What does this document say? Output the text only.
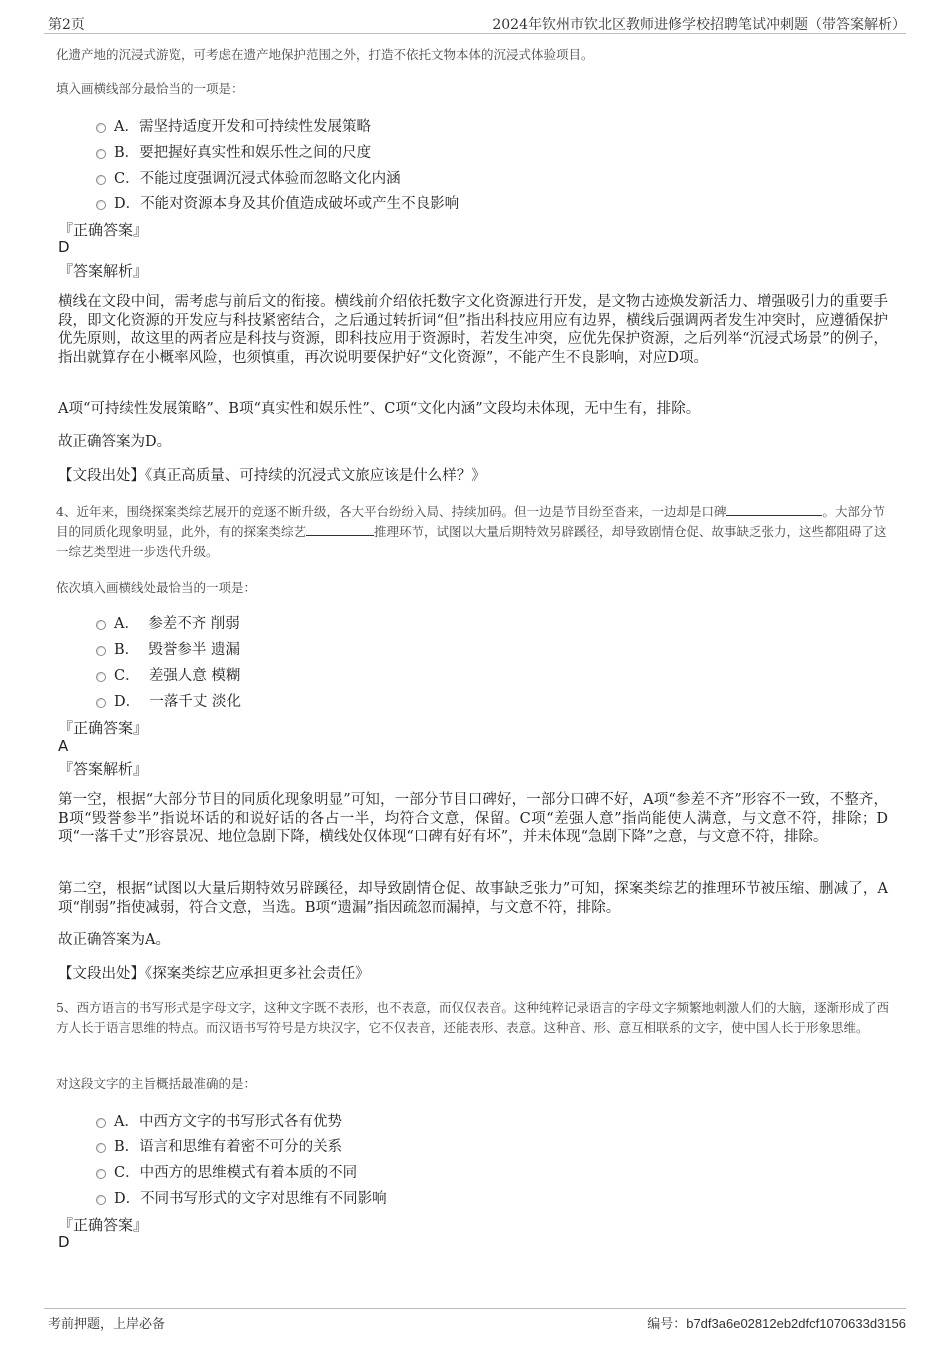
第2页	2024年钦州市钦北区教师进修学校招聘笔试冲刺题（带答案解析）
化遗产地的沉浸式游览，可考虑在遗产地保护范围之外，打造不依托文物本体的沉浸式体验项目。
填入画横线部分最恰当的一项是：
A．需坚持适度开发和可持续性发展策略
B．要把握好真实性和娱乐性之间的尺度
C．不能过度强调沉浸式体验而忽略文化内涵
D．不能对资源本身及其价值造成破坏或产生不良影响
『正确答案』
D
『答案解析』
横线在文段中间，需考虑与前后文的衔接。横线前介绍依托数字文化资源进行开发，是文物古迹焕发新活力、增强吸引力的重要手段，即文化资源的开发应与科技紧密结合，之后通过转折词“但”指出科技应用应有边界，横线后强调两者发生冲突时，应遵循保护优先原则，故这里的两者应是科技与资源，即科技应用于资源时，若发生冲突，应优先保护资源，之后列举“沉浸式场景”的例子，指出就算存在小概率风险，也须慎重，再次说明要保护好“文化资源”，不能产生不良影响，对应D项。
A项“可持续性发展策略”、B项“真实性和娱乐性”、C项“文化内涵”文段均未体现，无中生有，排除。
故正确答案为D。
【文段出处】《真正高质量、可持续的沉浸式文旅应该是什么样？》
4、近年来，围绕探案类综艺展开的竞逐不断升级，各大平台纷纷入局、持续加码。但一边是节目纷至沓来，一边却是口碑	。大部分节目的同质化现象明显，此外，有的探案类综艺	推理环节，试图以大量后期特效另辟蹊径，却导致剧情仓促、故事缺乏张力，这些都阻碍了这一综艺类型进一步迭代升级。
依次填入画横线处最恰当的一项是：
A．  参差不齐 削弱
B．  毁誉参半 遗漏
C．  差强人意 模糊
D．  一落千丈 淡化
『正确答案』
A
『答案解析』
第一空，根据“大部分节目的同质化现象明显”可知，一部分节目口碑好，一部分口碑不好，A项“参差不齐”形容不一致，不整齐，B项“毁誉参半”指说坏话的和说好话的各占一半，均符合文意，保留。C项“差强人意”指尚能使人满意，与文意不符，排除；D项“一落千丈”形容景况、地位急剧下降，横线处仅体现“口碑有好有坏”，并未体现“急剧下降”之意，与文意不符，排除。
第二空，根据“试图以大量后期特效另辟蹊径，却导致剧情仓促、故事缺乏张力”可知，探案类综艺的推理环节被压缩、删减了，A项“削弱”指使减弱，符合文意，当选。B项“遗漏”指因疏忽而漏掉，与文意不符，排除。
故正确答案为A。
【文段出处】《探案类综艺应承担更多社会责任》
5、西方语言的书写形式是字母文字，这种文字既不表形，也不表意，而仅仅表音。这种纯粹记录语言的字母文字频繁地刺激人们的大脑，逐渐形成了西方人长于语言思维的特点。而汉语书写符号是方块汉字，它不仅表音，还能表形、表意。这种音、形、意互相联系的文字，使中国人长于形象思维。
对这段文字的主旨概括最准确的是：
A．中西方文字的书写形式各有优势
B．语言和思维有着密不可分的关系
C．中西方的思维模式有着本质的不同
D．不同书写形式的文字对思维有不同影响
『正确答案』
D
考前押题，上岸必备	编号：b7df3a6e02812eb2dfcf1070633d3156
